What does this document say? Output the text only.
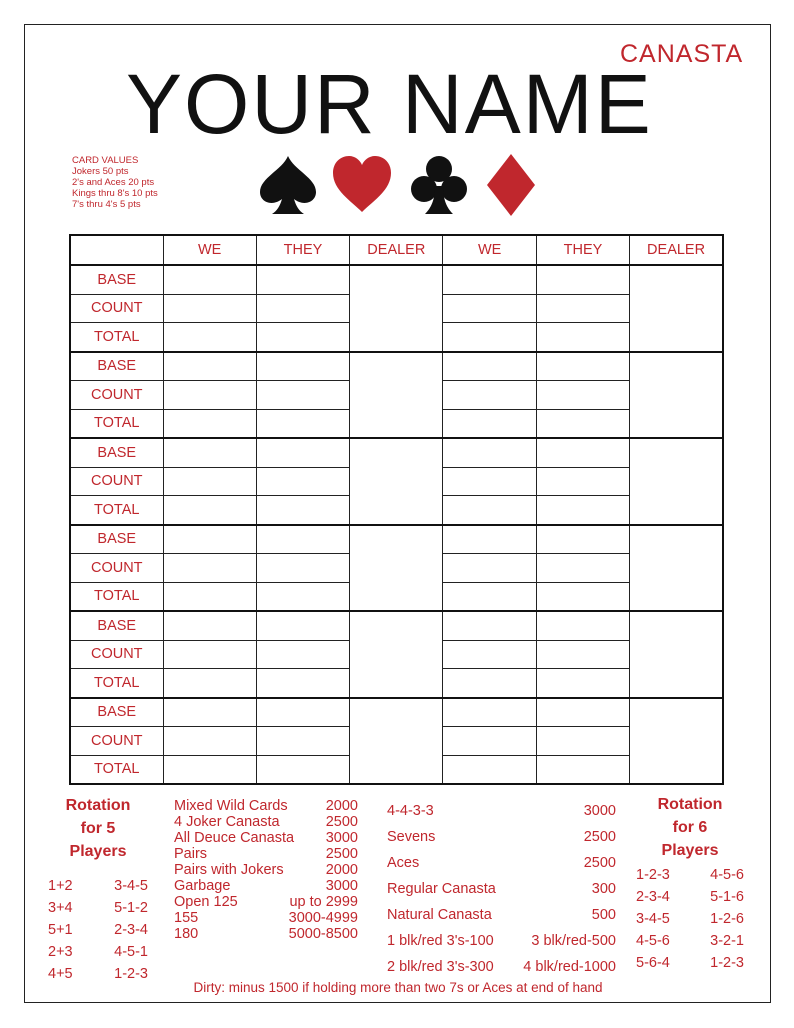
CANASTA
YOUR NAME
CARD VALUES
Jokers 50 pts
2's and Aces 20 pts
Kings thru 8's 10 pts
7's thru 4's 5 pts
	WE	THEY	DEALER	WE	THEY	DEALER
BASE						
COUNT						
TOTAL						
BASE						
COUNT						
TOTAL						
BASE						
COUNT						
TOTAL						
BASE						
COUNT						
TOTAL						
BASE						
COUNT						
TOTAL						
BASE						
COUNT						
TOTAL						
Rotation
for 5
Players
1+2	3-4-5
3+4	5-1-2
5+1	2-3-4
2+3	4-5-1
4+5	1-2-3
Mixed Wild Cards	2000
4 Joker Canasta	2500
All Deuce Canasta 3000
Pairs	2500
Pairs with Jokers	2000
Garbage	3000
Open 125	up to 2999
155	3000-4999
180	5000-8500
4-4-3-3	3000
Sevens	2500
Aces	2500
Regular Canasta	300
Natural Canasta	500
1 blk/red 3's-100	3 blk/red-500
2 blk/red 3's-300 4 blk/red-1000
Rotation
for 6
Players
1-2-3	4-5-6
2-3-4	5-1-6
3-4-5	1-2-6
4-5-6	3-2-1
5-6-4	1-2-3
Dirty: minus 1500 if holding more than two 7s or Aces at end of hand
